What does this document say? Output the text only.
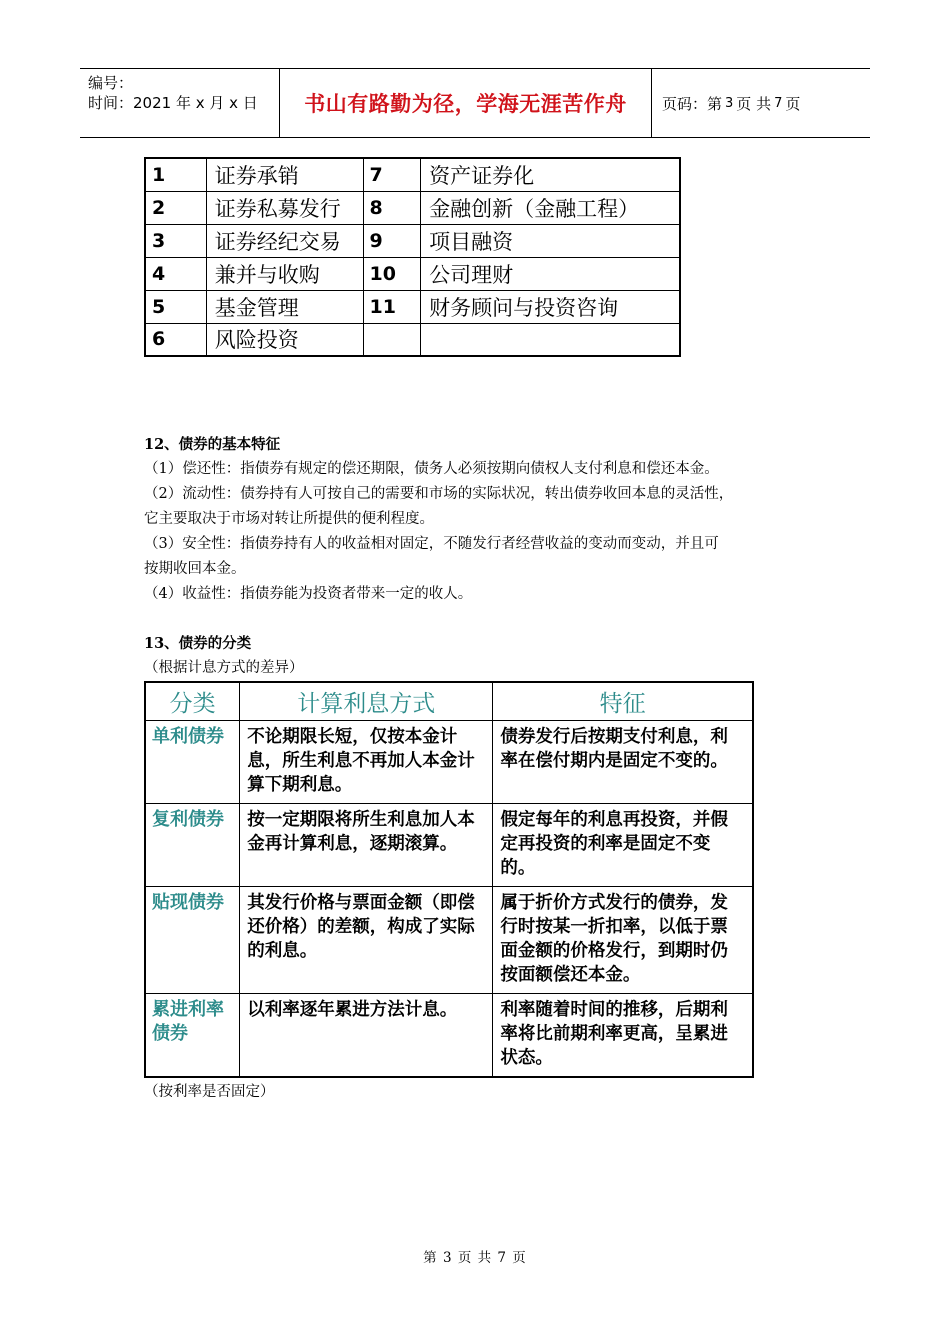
编号：
时间：2021 年 x 月 x 日	书山有路勤为径，学海无涯苦作舟	页码：第 3 页 共 7 页
1	证券承销	7	资产证券化
2	证券私募发行	8	金融创新（金融工程）
3	证券经纪交易	9	项目融资
4	兼并与收购	10	公司理财
5	基金管理	11	财务顾问与投资咨询
6	风险投资		
12、债券的基本特征
（1）偿还性：指债券有规定的偿还期限，债务人必须按期向债权人支付利息和偿还本金。
（2）流动性：债券持有人可按自己的需要和市场的实际状况，转出债券收回本息的灵活性，
它主要取决于市场对转让所提供的便利程度。
（3）安全性：指债券持有人的收益相对固定，不随发行者经营收益的变动而变动，并且可
按期收回本金。
（4）收益性：指债券能为投资者带来一定的收人。
13、债券的分类
（根据计息方式的差异）
分类	计算利息方式	特征
单利债券	不论期限长短，仅按本金计息，所生利息不再加人本金计算下期利息。	债券发行后按期支付利息，利率在偿付期内是固定不变的。
复利债券	按一定期限将所生利息加人本金再计算利息，逐期滚算。	假定每年的利息再投资，并假定再投资的利率是固定不变的。
贴现债券	其发行价格与票面金额（即偿还价格）的差额，构成了实际的利息。	属于折价方式发行的债券，发行时按某一折扣率，以低于票面金额的价格发行，到期时仍按面额偿还本金。
累进利率债券	以利率逐年累进方法计息。	利率随着时间的推移，后期利率将比前期利率更高，呈累进状态。
（按利率是否固定）
第 3 页 共 7 页
